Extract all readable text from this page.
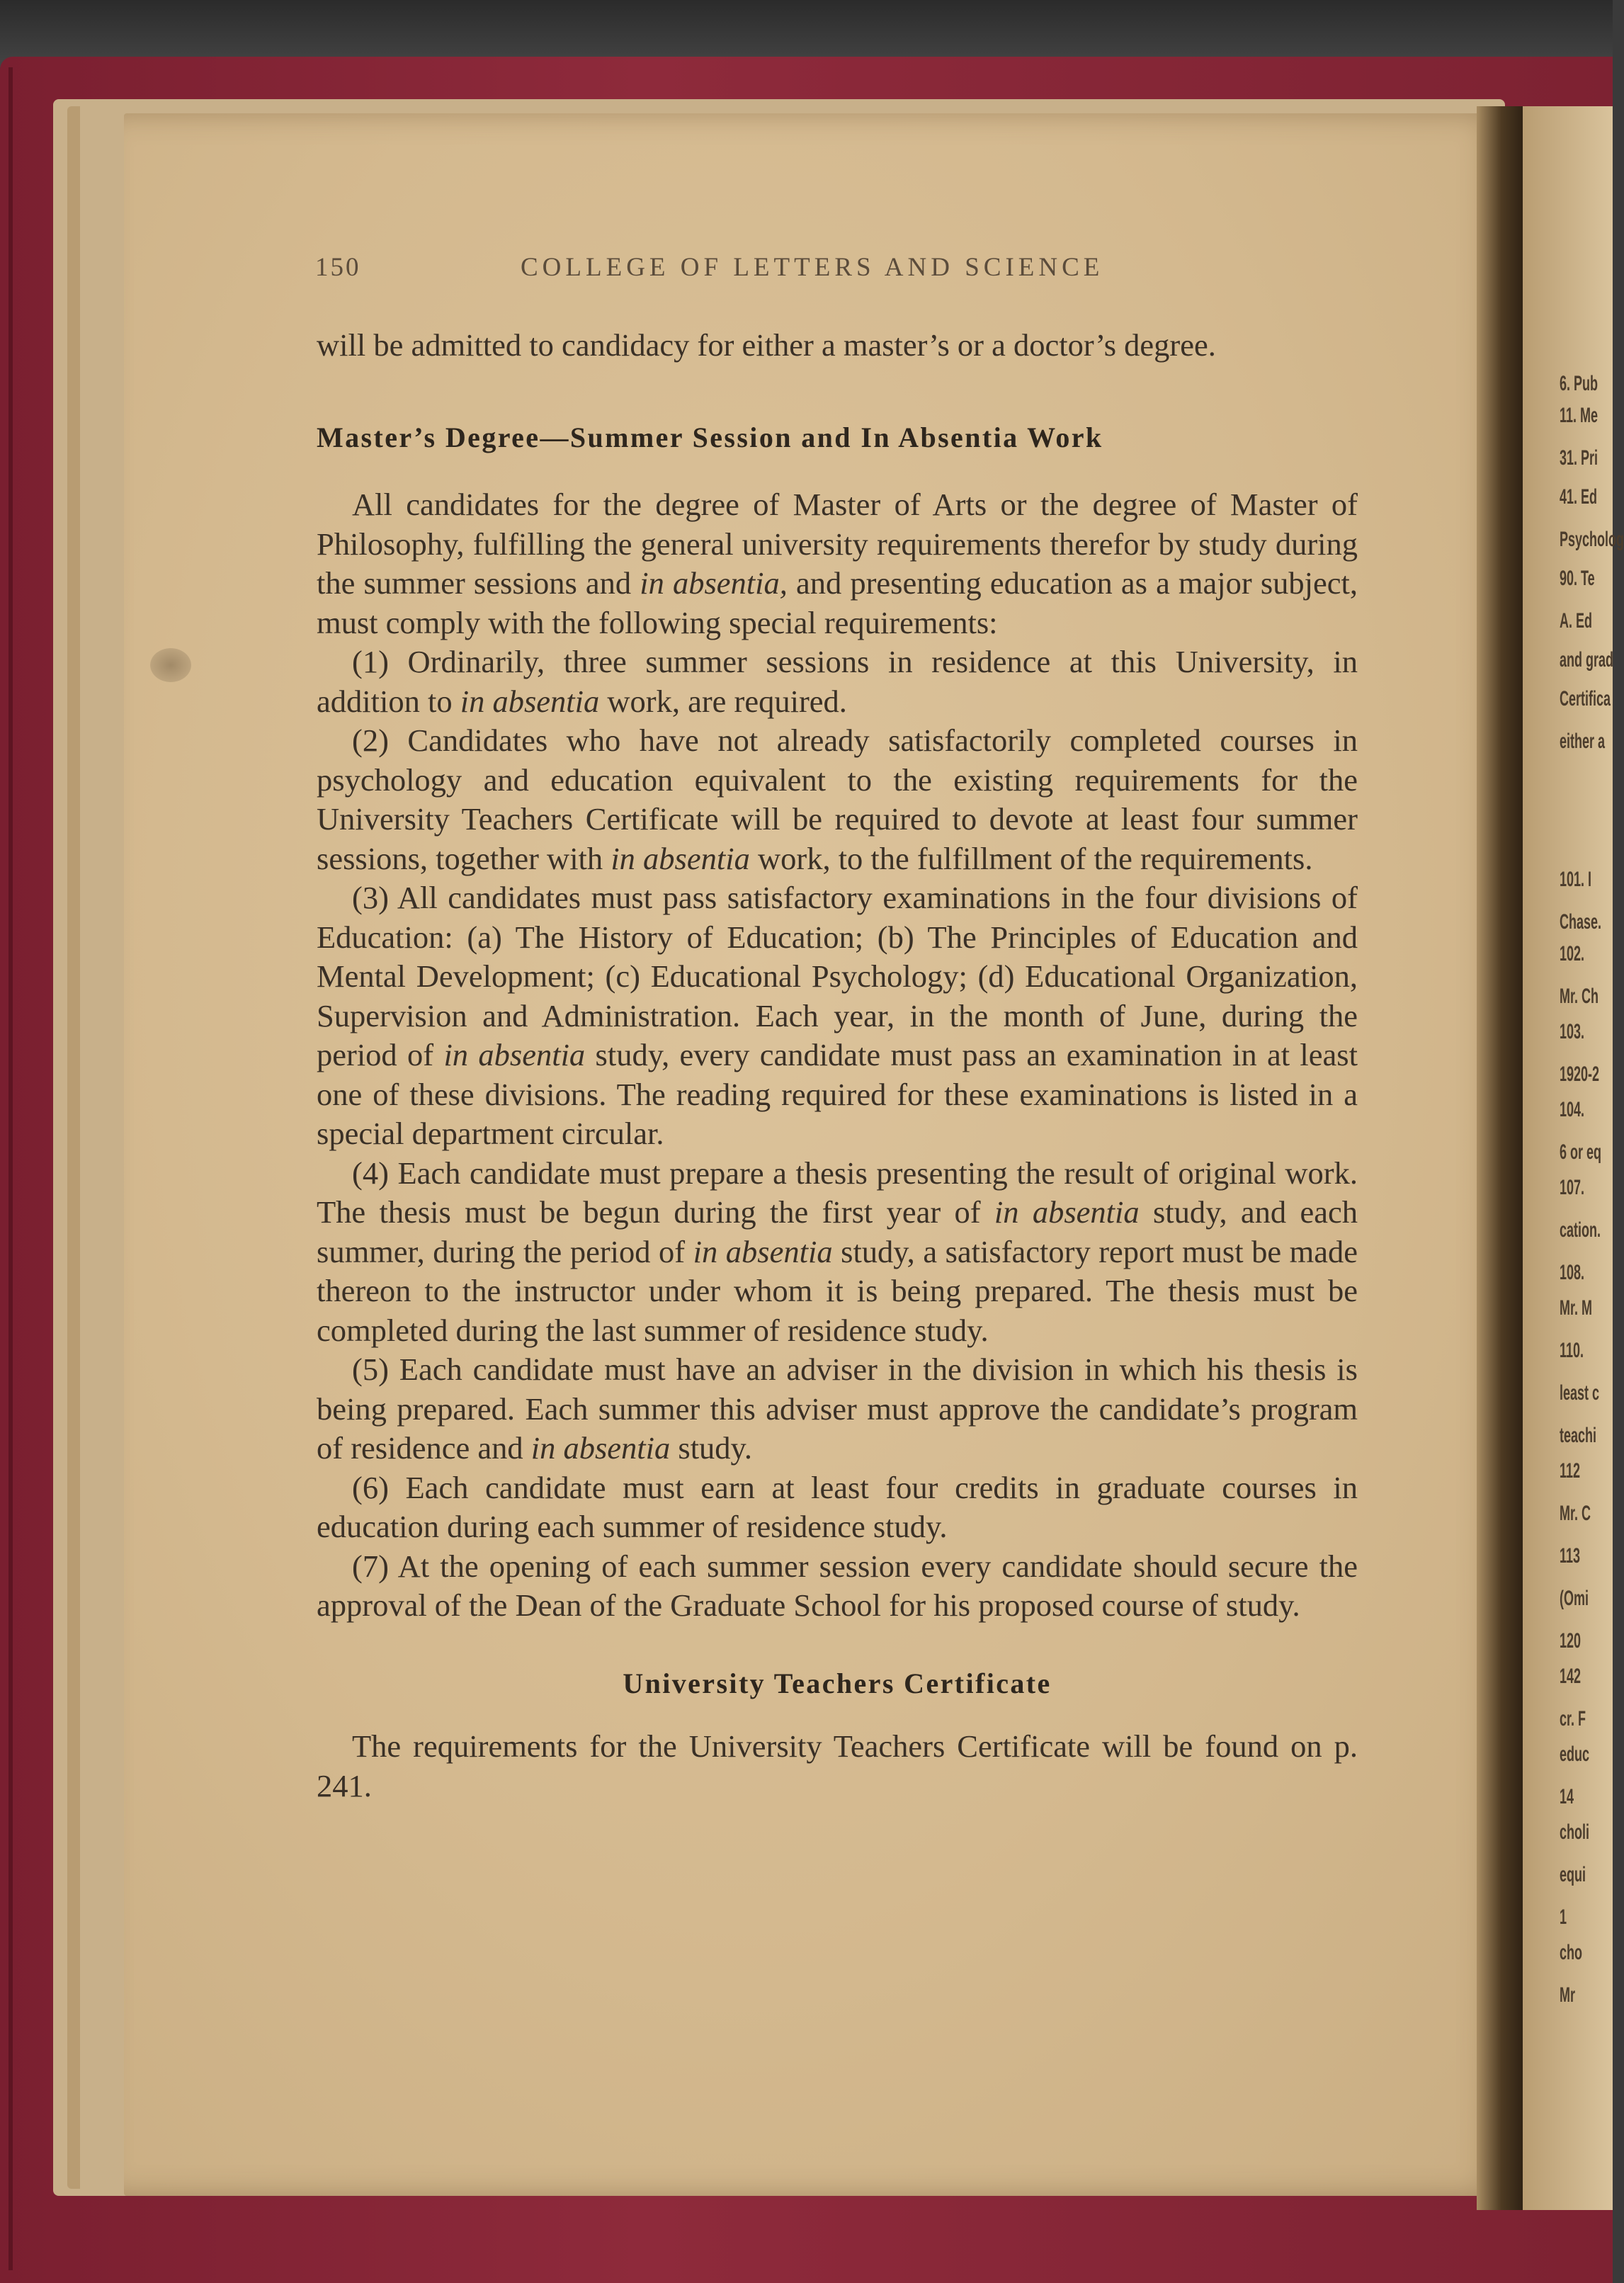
6. Pub
11. Me
31. Pri
41. Ed
Psycholog
90. Te
A. Ed
and grad
Certifica
either a
101. I
Chase.
102.
Mr. Ch
103.
1920-2
104.
6 or eq
107.
cation.
108.
Mr. M
110.
least c
teachi
112
Mr. C
113
(Omi
120
142
cr. F
educ
14
choli
equi
1
cho
Mr
150	COLLEGE OF LETTERS AND SCIENCE

will be admitted to candidacy for either a master’s or a doctor’s degree.

Master’s Degree—Summer Session and In Absentia Work

All candidates for the degree of Master of Arts or the degree of Master of Philosophy, fulfilling the general university requirements therefor by study during the summer sessions and in absentia, and presenting education as a major subject, must comply with the following special requirements:

(1) Ordinarily, three summer sessions in residence at this University, in addition to in absentia work, are required.

(2) Candidates who have not already satisfactorily completed courses in psychology and education equivalent to the existing requirements for the University Teachers Certificate will be required to devote at least four summer sessions, together with in absentia work, to the fulfillment of the requirements.

(3) All candidates must pass satisfactory examinations in the four divisions of Education: (a) The History of Education; (b) The Principles of Education and Mental Development; (c) Educational Psychology; (d) Educational Organization, Supervision and Administration. Each year, in the month of June, during the period of in absentia study, every candidate must pass an examination in at least one of these divisions. The reading required for these examinations is listed in a special department circular.

(4) Each candidate must prepare a thesis presenting the result of original work. The thesis must be begun during the first year of in absentia study, and each summer, during the period of in absentia study, a satisfactory report must be made thereon to the instructor under whom it is being prepared. The thesis must be completed during the last summer of residence study.

(5) Each candidate must have an adviser in the division in which his thesis is being prepared. Each summer this adviser must approve the candidate’s program of residence and in absentia study.

(6) Each candidate must earn at least four credits in graduate courses in education during each summer of residence study.

(7) At the opening of each summer session every candidate should secure the approval of the Dean of the Graduate School for his proposed course of study.

University Teachers Certificate

The requirements for the University Teachers Certificate will be found on p. 241.
